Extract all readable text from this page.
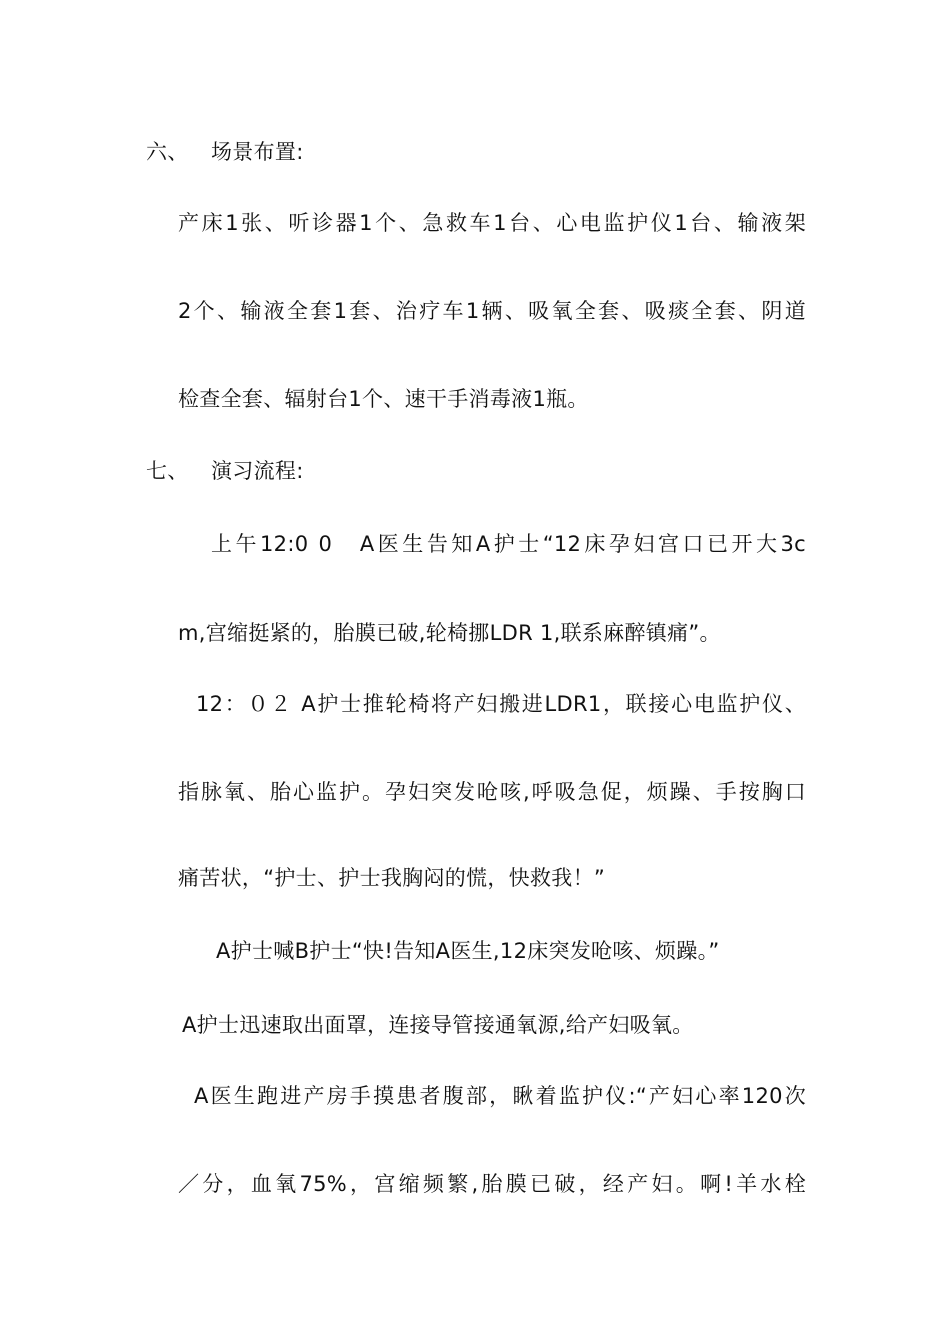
六、 场景布置:
产床1张、听诊器1个、急救车1台、心电监护仪1台、输液架
2个、输液全套1套、治疗车1辆、吸氧全套、吸痰全套、阴道
检查全套、辐射台1个、速干手消毒液1瓶。
七、 演习流程:
上午12:0 0　A医生告知A护士“12床孕妇宫口已开大3c
m,宫缩挺紧的，胎膜已破,轮椅挪LDR 1,联系麻醉镇痛”。
12：０２ A护士推轮椅将产妇搬进LDR1，联接心电监护仪、
指脉氧、胎心监护。孕妇突发呛咳,呼吸急促，烦躁、手按胸口
痛苦状，“护士、护士我胸闷的慌，快救我！”
A护士喊B护士“快!告知A医生,12床突发呛咳、烦躁。”
A护士迅速取出面罩，连接导管接通氧源,给产妇吸氧。
A医生跑进产房手摸患者腹部，瞅着监护仪:“产妇心率120次
／分，血氧75%，宫缩频繁,胎膜已破，经产妇。啊!羊水栓
